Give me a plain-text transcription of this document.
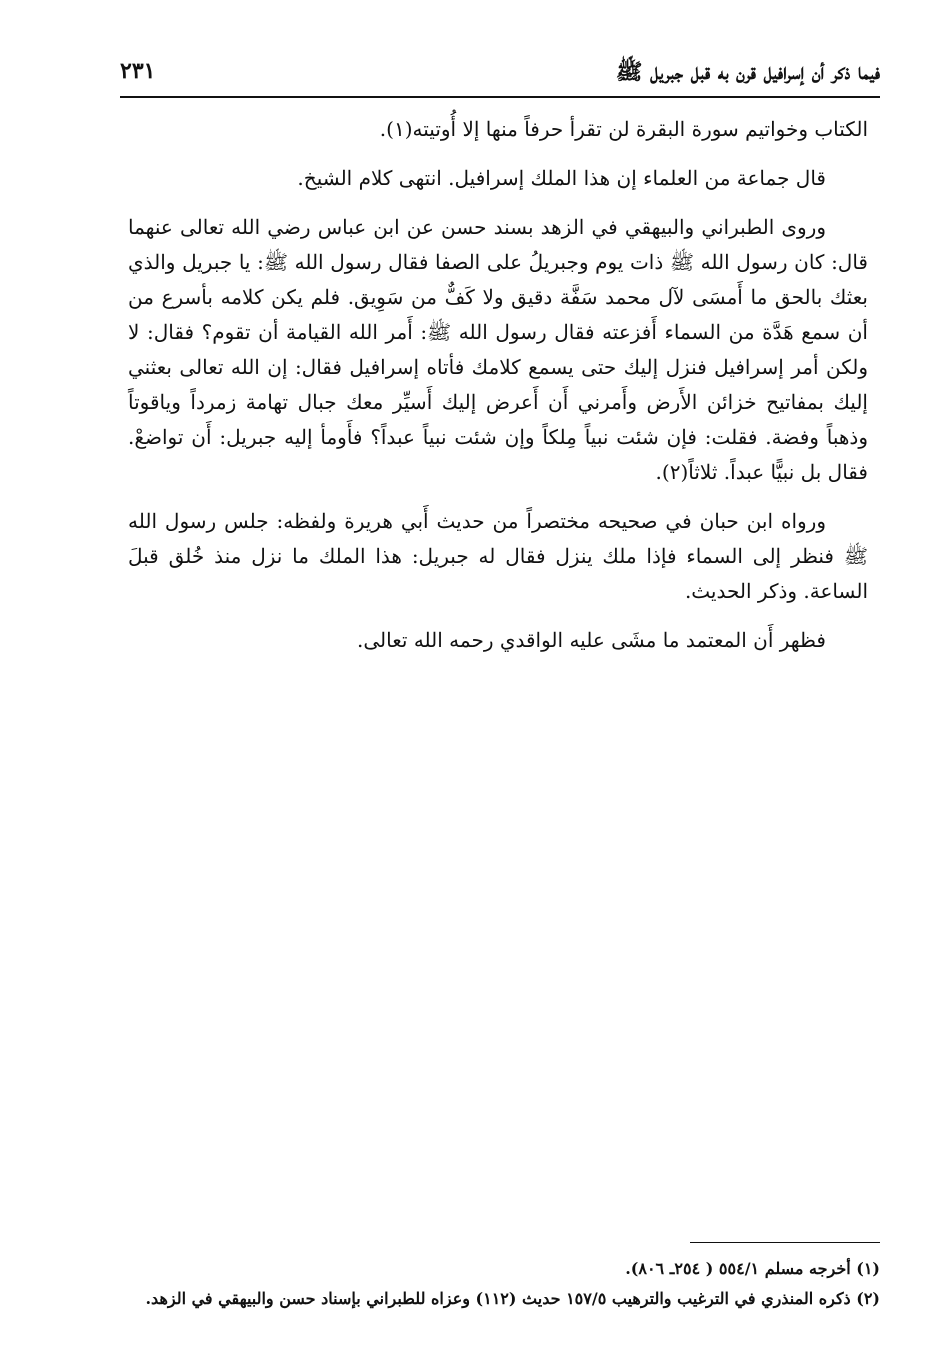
فيما ذكر أن إسرافيل قرن به قبل جبريل ﷺ
٢٣١

الكتاب وخواتيم سورة البقرة لن تقرأ حرفاً منها إلا أُوتيته(١).

قال جماعة من العلماء إن هذا الملك إسرافيل. انتهى كلام الشيخ.

وروى الطبراني والبيهقي في الزهد بسند حسن عن ابن عباس رضي الله تعالى عنهما قال: كان رسول الله ﷺ ذات يوم وجبريلُ على الصفا فقال رسول الله ﷺ: يا جبريل والذي بعثك بالحق ما أَمسَى لآل محمد سَفَّة دقيق ولا كَفٌّ من سَوِيق. فلم يكن كلامه بأسرع من أن سمع هَدَّة من السماء أَفزعته فقال رسول الله ﷺ: أَمر الله القيامة أن تقوم؟ فقال: لا ولكن أمر إسرافيل فنزل إليك حتى يسمع كلامك فأتاه إسرافيل فقال: إن الله تعالى بعثني إليك بمفاتيح خزائن الأَرض وأَمرني أَن أَعرض إليك أَسيِّر معك جبال تهامة زمرداً وياقوتاً وذهباً وفضة. فقلت: فإن شئت نبياً مِلكاً وإن شئت نبياً عبداً؟ فأَومأ إليه جبريل: أَن تواضعْ. فقال بل نبيًّا عبداً. ثلاثاً(٢).

ورواه ابن حبان في صحيحه مختصراً من حديث أَبي هريرة ولفظه: جلس رسول الله ﷺ فنظر إلى السماء فإذا ملك ينزل فقال له جبريل: هذا الملك ما نزل منذ خُلق قبلَ الساعة. وذكر الحديث.

فظهر أَن المعتمد ما مشَى عليه الواقدي رحمه الله تعالى.

(١) أخرجه مسلم ٥٥٤/١ ( ٢٥٤ـ ٨٠٦).

(٢) ذكره المنذري في الترغيب والترهيب ١٥٧/٥ حديث (١١٢) وعزاه للطبراني بإسناد حسن والبيهقي في الزهد.
